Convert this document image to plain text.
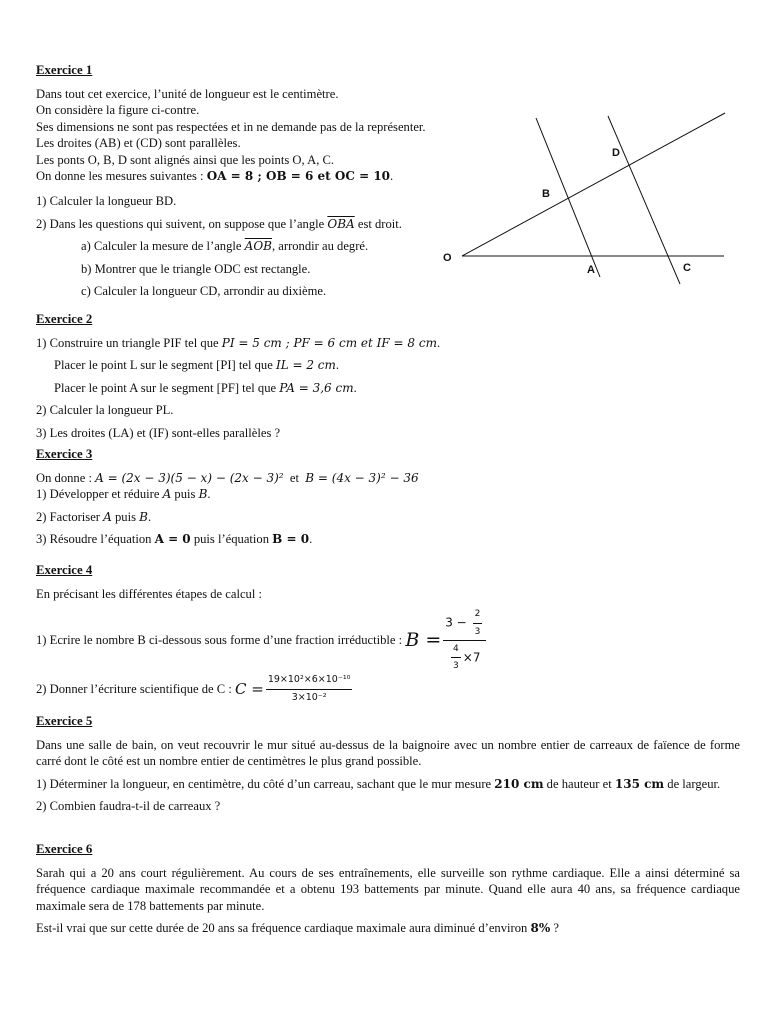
Exercice 1

Dans tout cet exercice, l’unité de longueur est le centimètre.

On considère la figure ci-contre.

Ses dimensions ne sont pas respectées et in ne demande pas de la représenter.

Les droites (AB) et (CD) sont parallèles.

Les ponts O, B, D sont alignés ainsi que les points O, A, C.

On donne les mesures suivantes : OA = 8 ; OB = 6 et OC = 10.

1) Calculer la longueur BD.

2) Dans les questions qui suivent, on suppose que l’angle $\overline{OBA}$ est droit.

a) Calculer la mesure de l’angle $\overline{AOB}$, arrondir au degré.

b) Montrer que le triangle ODC est rectangle.

c) Calculer la longueur CD, arrondir au dixième.

O
B
D
A	C
Exercice 2

1) Construire un triangle PIF tel que PI = 5 cm ; PF = 6 cm et IF = 8 cm.

Placer le point L sur le segment [PI] tel que IL = 2 cm.

Placer le point A sur le segment [PF] tel que PA = 3,6 cm.

2) Calculer la longueur PL.

3) Les droites (LA) et (IF) sont-elles parallèles ?

Exercice 3

On donne : A = (2x − 3)(5 − x) − (2x − 3)² et B = (4x − 3)² − 36

1) Développer et réduire A puis B.

2) Factoriser A puis B.

3) Résoudre l’équation A = 0 puis l’équation B = 0.

Exercice 4

En précisant les différentes étapes de calcul :

1) Ecrire le nombre B ci-dessous sous forme d’une fraction irréductible :
$B = \frac{3 - \frac{2}{3}}{\frac{4}{3} \times 7}$
2) Donner l’écriture scientifique de C :
$C = \frac{\text{19×10²×6×10⁻¹⁰}}{\text{3×10⁻²}}$
Exercice 5

Dans une salle de bain, on veut recouvrir le mur situé au-dessus de la baignoire avec un nombre entier de carreaux de faïence de forme carré dont le côté est un nombre entier de centimètres le plus grand possible.

1) Déterminer la longueur, en centimètre, du côté d’un carreau, sachant que le mur mesure 210 cm de hauteur et 135 cm de largeur.

2) Combien faudra-t-il de carreaux ?

Exercice 6

Sarah qui a 20 ans court régulièrement. Au cours de ses entraînements, elle surveille son rythme cardiaque. Elle a ainsi déterminé sa fréquence cardiaque maximale recommandée et a obtenu 193 battements par minute. Quand elle aura 40 ans, sa fréquence cardiaque maximale sera de 178 battements par minute.

Est-il vrai que sur cette durée de 20 ans sa fréquence cardiaque maximale aura diminué d’environ 8% ?
